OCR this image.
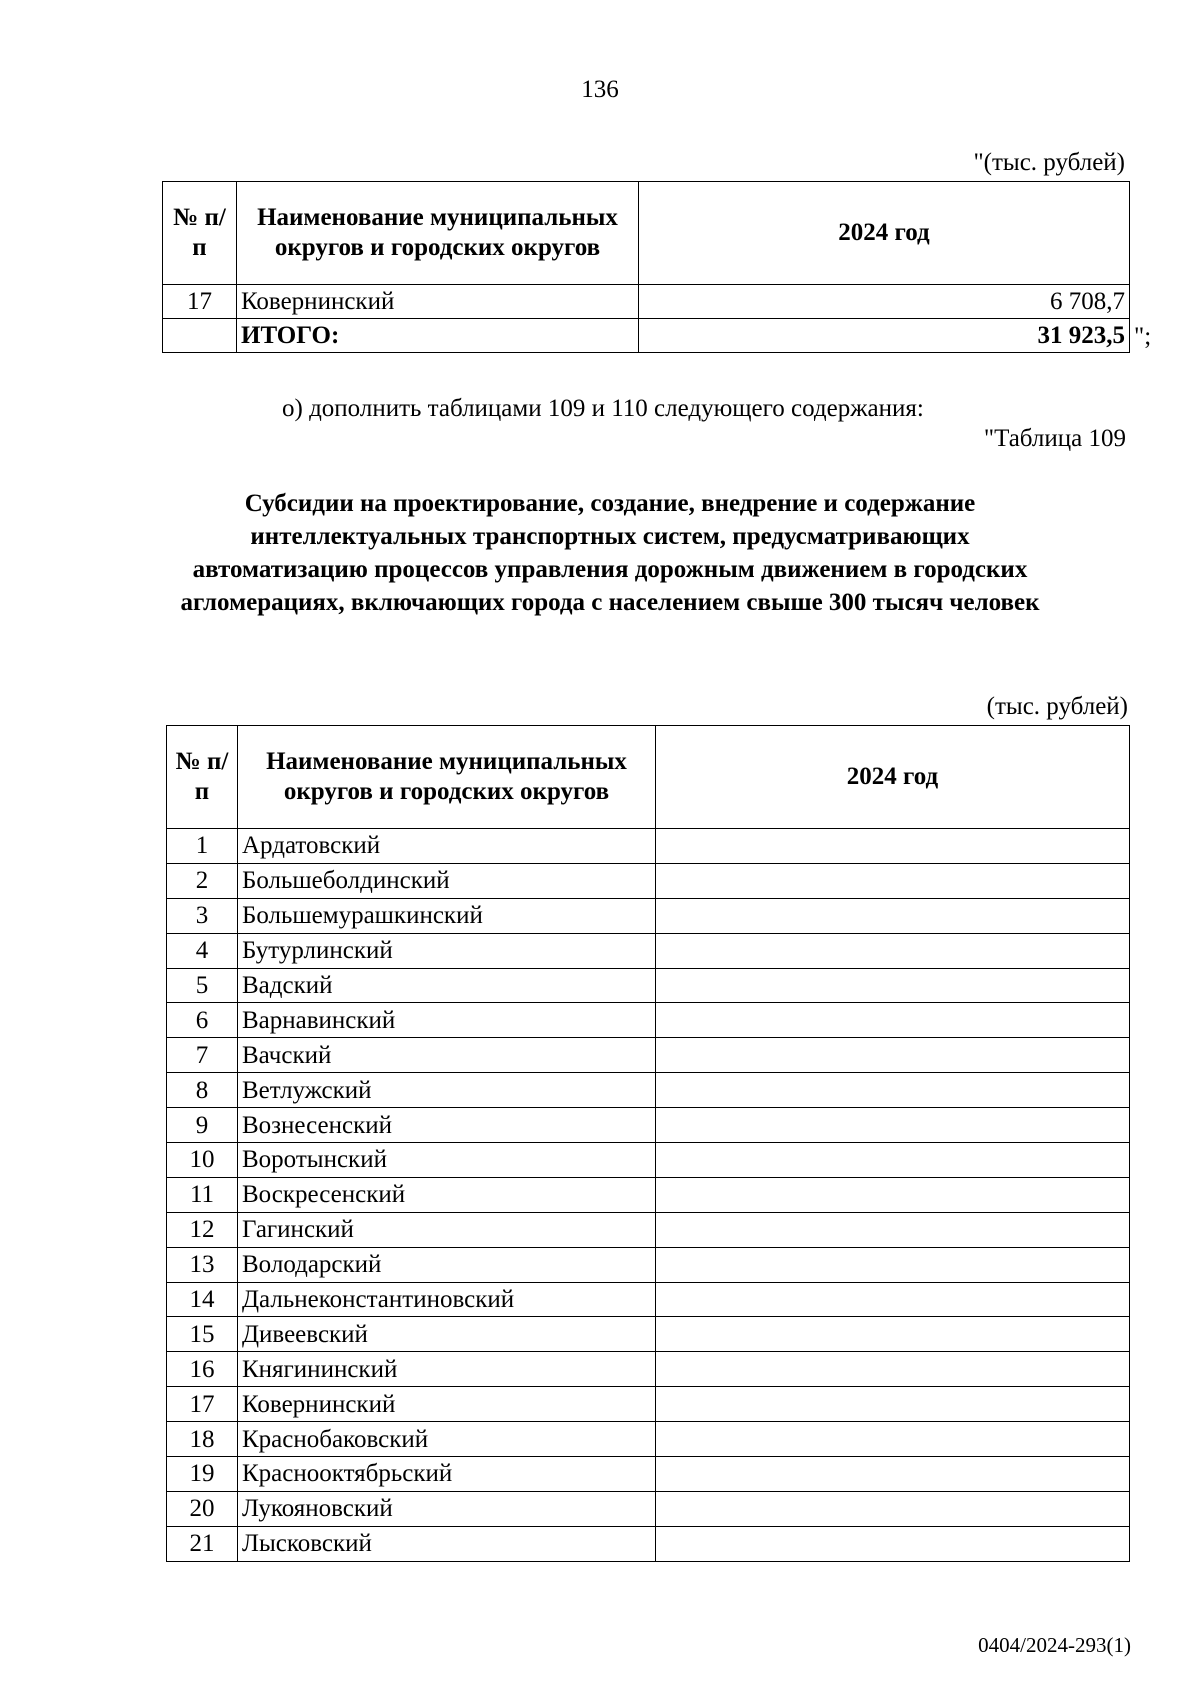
136
"(тыс. рублей)
№ п/п	Наименование муниципальных округов и городских округов	2024 год
17	Ковернинский	6 708,7
	ИТОГО:	31 923,5 ";
о) дополнить таблицами 109 и 110 следующего содержания:
"Таблица 109
Субсидии на проектирование, создание, внедрение и содержание интеллектуальных транспортных систем, предусматривающих автоматизацию процессов управления дорожным движением в городских агломерациях, включающих города с населением свыше 300 тысяч человек
(тыс. рублей)
№ п/п	Наименование муниципальных округов и городских округов	2024 год
1	Ардатовский	
2	Большеболдинский	
3	Большемурашкинский	
4	Бутурлинский	
5	Вадский	
6	Варнавинский	
7	Вачский	
8	Ветлужский	
9	Вознесенский	
10	Воротынский	
11	Воскресенский	
12	Гагинский	
13	Володарский	
14	Дальнеконстантиновский	
15	Дивеевский	
16	Княгининский	
17	Ковернинский	
18	Краснобаковский	
19	Краснооктябрьский	
20	Лукояновский	
21	Лысковский	
0404/2024-293(1)
